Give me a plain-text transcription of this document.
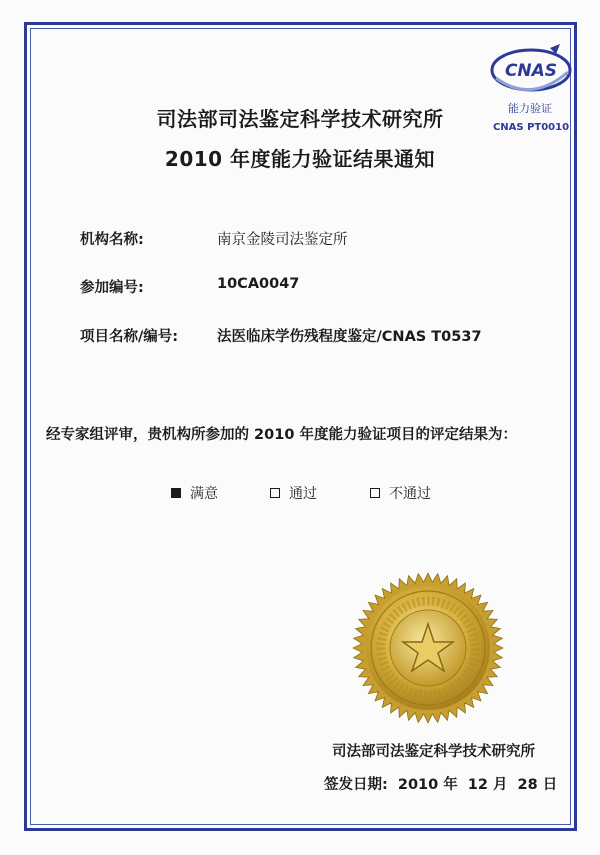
CNAS
能力验证
CNAS PT0010
司法部司法鉴定科学技术研究所
2010 年度能力验证结果通知
机构名称:	南京金陵司法鉴定所
参加编号:	10CA0047
项目名称/编号:	法医临床学伤残程度鉴定/CNAS T0537
经专家组评审，贵机构所参加的 2010 年度能力验证项目的评定结果为：
满意	通过	不通过
司法部司法鉴定科学技术研究所
签发日期: 2010 年 12 月 28 日
